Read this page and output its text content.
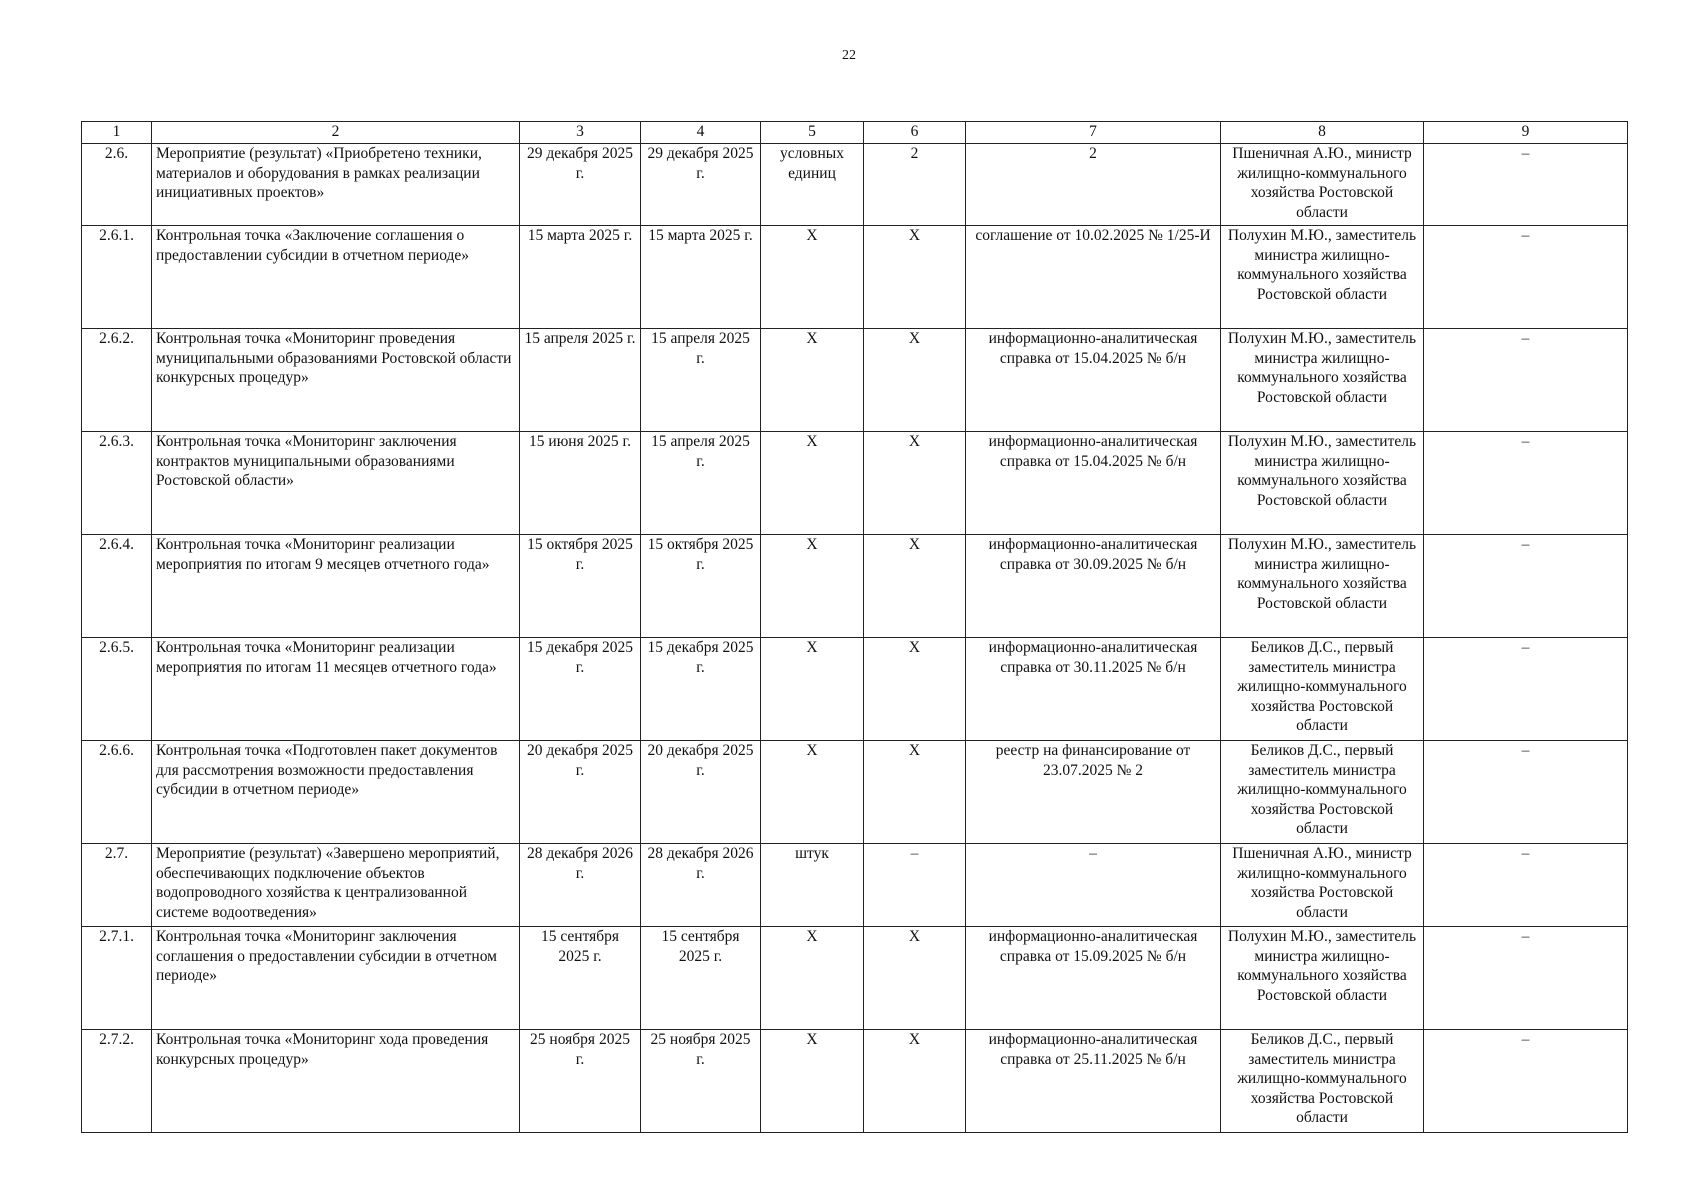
22
1	2	3	4	5	6	7	8	9
2.6.	Мероприятие (результат) «Приобретено техники, материалов и оборудования в рамках реализации инициативных проектов»	29 декабря 2025 г.	29 декабря 2025 г.	условных единиц	2	2	Пшеничная А.Ю., министр жилищно-коммунального хозяйства Ростовской области	–
2.6.1.	Контрольная точка «Заключение соглашения о предоставлении субсидии в отчетном периоде»	15 марта 2025 г.	15 марта 2025 г.	Х	Х	соглашение от 10.02.2025 № 1/25-И	Полухин М.Ю., заместитель министра жилищно-коммунального хозяйства Ростовской области	–
2.6.2.	Контрольная точка «Мониторинг проведения муниципальными образованиями Ростовской области конкурсных процедур»	15 апреля 2025 г.	15 апреля 2025 г.	Х	Х	информационно-аналитическая справка от 15.04.2025 № б/н	Полухин М.Ю., заместитель министра жилищно-коммунального хозяйства Ростовской области	–
2.6.3.	Контрольная точка «Мониторинг заключения контрактов муниципальными образованиями Ростовской области»	15 июня 2025 г.	15 апреля 2025 г.	Х	Х	информационно-аналитическая справка от 15.04.2025 № б/н	Полухин М.Ю., заместитель министра жилищно-коммунального хозяйства Ростовской области	–
2.6.4.	Контрольная точка «Мониторинг реализации мероприятия по итогам 9 месяцев отчетного года»	15 октября 2025 г.	15 октября 2025 г.	Х	Х	информационно-аналитическая справка от 30.09.2025 № б/н	Полухин М.Ю., заместитель министра жилищно-коммунального хозяйства Ростовской области	–
2.6.5.	Контрольная точка «Мониторинг реализации мероприятия по итогам 11 месяцев отчетного года»	15 декабря 2025 г.	15 декабря 2025 г.	Х	Х	информационно-аналитическая справка от 30.11.2025 № б/н	Беликов Д.С., первый заместитель министра жилищно-коммунального хозяйства Ростовской области	–
2.6.6.	Контрольная точка «Подготовлен пакет документов для рассмотрения возможности предоставления субсидии в отчетном периоде»	20 декабря 2025 г.	20 декабря 2025 г.	Х	Х	реестр на финансирование от 23.07.2025 № 2	Беликов Д.С., первый заместитель министра жилищно-коммунального хозяйства Ростовской области	–
2.7.	Мероприятие (результат) «Завершено мероприятий, обеспечивающих подключение объектов водопроводного хозяйства к централизованной системе водоотведения»	28 декабря 2026 г.	28 декабря 2026 г.	штук	–	–	Пшеничная А.Ю., министр жилищно-коммунального хозяйства Ростовской области	–
2.7.1.	Контрольная точка «Мониторинг заключения соглашения о предоставлении субсидии в отчетном периоде»	15 сентября 2025 г.	15 сентября 2025 г.	Х	Х	информационно-аналитическая справка от 15.09.2025 № б/н	Полухин М.Ю., заместитель министра жилищно-коммунального хозяйства Ростовской области	–
2.7.2.	Контрольная точка «Мониторинг хода проведения конкурсных процедур»	25 ноября 2025 г.	25 ноября 2025 г.	Х	Х	информационно-аналитическая справка от 25.11.2025 № б/н	Беликов Д.С., первый заместитель министра жилищно-коммунального хозяйства Ростовской области	–
